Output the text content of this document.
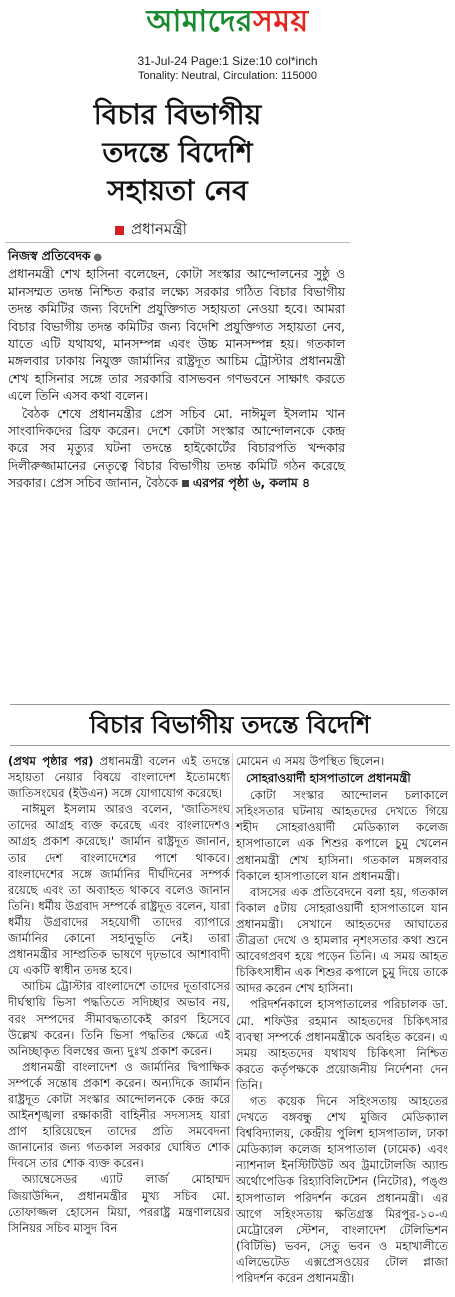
আমাদেরসময়
31-Jul-24 Page:1 Size:10 col*inch
Tonality: Neutral, Circulation: 115000
বিচার বিভাগীয়
তদন্তে বিদেশি
সহায়তা নেব
প্রধানমন্ত্রী
নিজস্ব প্রতিবেদক ●

প্রধানমন্ত্রী শেখ হাসিনা বলেছেন, কোটা সংস্কার আন্দোলনের সুষ্ঠু ও মানসম্মত তদন্ত নিশ্চিত করার লক্ষ্যে সরকার গঠিত বিচার বিভাগীয় তদন্ত কমিটির জন্য বিদেশি প্রযুক্তিগত সহায়তা নেওয়া হবে। আমরা বিচার বিভাগীয় তদন্ত কমিটির জন্য বিদেশি প্রযুক্তিগত সহায়তা নেব, যাতে এটি যথাযথ, মানসম্পন্ন এবং উচ্চ মানসম্পন্ন হয়। গতকাল মঙ্গলবার ঢাকায় নিযুক্ত জার্মানির রাষ্ট্রদূত আচিম ট্রোস্টার প্রধানমন্ত্রী শেখ হাসিনার সঙ্গে তার সরকারি বাসভবন গণভবনে সাক্ষাৎ করতে এলে তিনি এসব কথা বলেন।

বৈঠক শেষে প্রধানমন্ত্রীর প্রেস সচিব মো. নাঈমুল ইসলাম খান সাংবাদিকদের ব্রিফ করেন। দেশে কোটা সংস্কার আন্দোলনকে কেন্দ্র করে সব মৃত্যুর ঘটনা তদন্তে হাইকোর্টের বিচারপতি খন্দকার দিলীরুজ্জামানের নেতৃত্বে বিচার বিভাগীয় তদন্ত কমিটি গঠন করেছে সরকার। প্রেস সচিব জানান, বৈঠকে এরপর পৃষ্ঠা ৬, কলাম ৪

বিচার বিভাগীয় তদন্তে বিদেশি

(প্রথম পৃষ্ঠার পর) প্রধানমন্ত্রী বলেন এই তদন্তে সহায়তা নেয়ার বিষয়ে বাংলাদেশ ইতোমধ্যে জাতিসংঘের (ইউএন) সঙ্গে যোগাযোগ করেছে।

নাঈমুল ইসলাম আরও বলেন, 'জাতিসংঘ তাদের আগ্রহ ব্যক্ত করেছে এবং বাংলাদেশও আগ্রহ প্রকাশ করেছে।' জার্মান রাষ্ট্রদূত জানান, তার দেশ বাংলাদেশের পাশে থাকবে। বাংলাদেশের সঙ্গে জার্মানির দীর্ঘদিনের সম্পর্ক রয়েছে এবং তা অব্যাহত থাকবে বলেও জানান তিনি। ধর্মীয় উগ্রবাদ সম্পর্কে রাষ্ট্রদূত বলেন, যারা ধর্মীয় উগ্রবাদের সহযোগী তাদের ব্যাপারে জার্মানির কোনো সহানুভূতি নেই। তারা প্রধানমন্ত্রীর সাম্প্রতিক ভাষণে দৃঢ়ভাবে আশাবাদী যে একটি স্বাধীন তদন্ত হবে।

আচিম ট্রোস্টার বাংলাদেশে তাদের দূতাবাসের দীর্ঘস্থায়ি ভিসা পদ্ধতিতে সদিচ্ছার অভাব নয়, বরং সম্পদের সীমাবদ্ধতাকেই কারণ হিসেবে উল্লেখ করেন। তিনি ভিসা পদ্ধতির ক্ষেত্রে এই অনিচ্ছাকৃত বিলম্বের জন্য দুঃখ প্রকাশ করেন।

প্রধানমন্ত্রী বাংলাদেশ ও জার্মানির দ্বিপাক্ষিক সম্পর্কে সন্তোষ প্রকাশ করেন। অন্যদিকে জার্মান রাষ্ট্রদূত কোটা সংস্কার আন্দোলনকে কেন্দ্র করে আইনশৃঙ্খলা রক্ষাকারী বাহিনীর সদস্যসহ যারা প্রাণ হারিয়েছেন তাদের প্রতি সমবেদনা জানানোর জন্য গতকাল সরকার ঘোষিত শোক দিবসে তার শোক ব্যক্ত করেন।

অ্যাম্বেসেডর এ্যাট লার্জ মোহাম্মদ জিয়াউদ্দিন, প্রধানমন্ত্রীর মুখ্য সচিব মো. তোফাজ্জল হোসেন মিয়া, পররাষ্ট্র মন্ত্রণালয়ের সিনিয়র সচিব মাসুদ বিন

মোমেন এ সময় উপস্থিত ছিলেন।

সোহরাওয়ার্দী হাসপাতালে প্রধানমন্ত্রী

কোটা সংস্কার আন্দোলন চলাকালে সহিংসতার ঘটনায় আহতদের দেখতে গিয়ে শহীদ সোহরাওয়ার্দী মেডিক্যাল কলেজ হাসপাতালে এক শিশুর কপালে চুমু খেলেন প্রধানমন্ত্রী শেখ হাসিনা। গতকাল মঙ্গলবার বিকালে হাসপাতালে যান প্রধানমন্ত্রী।

বাসসের এক প্রতিবেদনে বলা হয়, গতকাল বিকাল ৫টায় সোহরাওয়ার্দী হাসপাতালে যান প্রধানমন্ত্রী। সেখানে আহতদের আঘাতের তীব্রতা দেখে ও হামলার নৃশংসতার কথা শুনে আবেগপ্রবণ হয়ে পড়েন তিনি। এ সময় আহত চিকিৎসাধীন এক শিশুর কপালে চুমু দিয়ে তাকে আদর করেন শেখ হাসিনা।

পরিদর্শনকালে হাসপাতালের পরিচালক ডা. মো. শফিউর রহমান আহতদের চিকিৎসার ব্যবস্থা সম্পর্কে প্রধানমন্ত্রীকে অবহিত করেন। এ সময় আহতদের যথাযথ চিকিৎসা নিশ্চিত করতে কর্তৃপক্ষকে প্রয়োজনীয় নির্দেশনা দেন তিনি।

গত কয়েক দিনে সহিংসতায় আহতের দেখতে বঙ্গবন্ধু শেখ মুজিব মেডিক্যাল বিশ্ববিদ্যালয়, কেন্দ্রীয় পুলিশ হাসপাতাল, ঢাকা মেডিক্যাল কলেজ হাসপাতাল (ঢামেক) এবং ন্যাশনাল ইনস্টিটিউট অব ট্রমাটোলজি অ্যান্ড অর্থোপেডিক রিহ্যাবিলিটেশন (নিটোর), পঙ্গু হাসপাতাল পরিদর্শন করেন প্রধানমন্ত্রী। এর আগে সহিংসতায় ক্ষতিগ্রস্ত মিরপুর-১০-এ মেট্রোরেল স্টেশন, বাংলাদেশ টেলিভিশন (বিটিভি) ভবন, সেতু ভবন ও মহাখালীতে এলিভেটেড এক্সপ্রেসওয়ের টোল প্লাজা পরিদর্শন করেন প্রধানমন্ত্রী।
